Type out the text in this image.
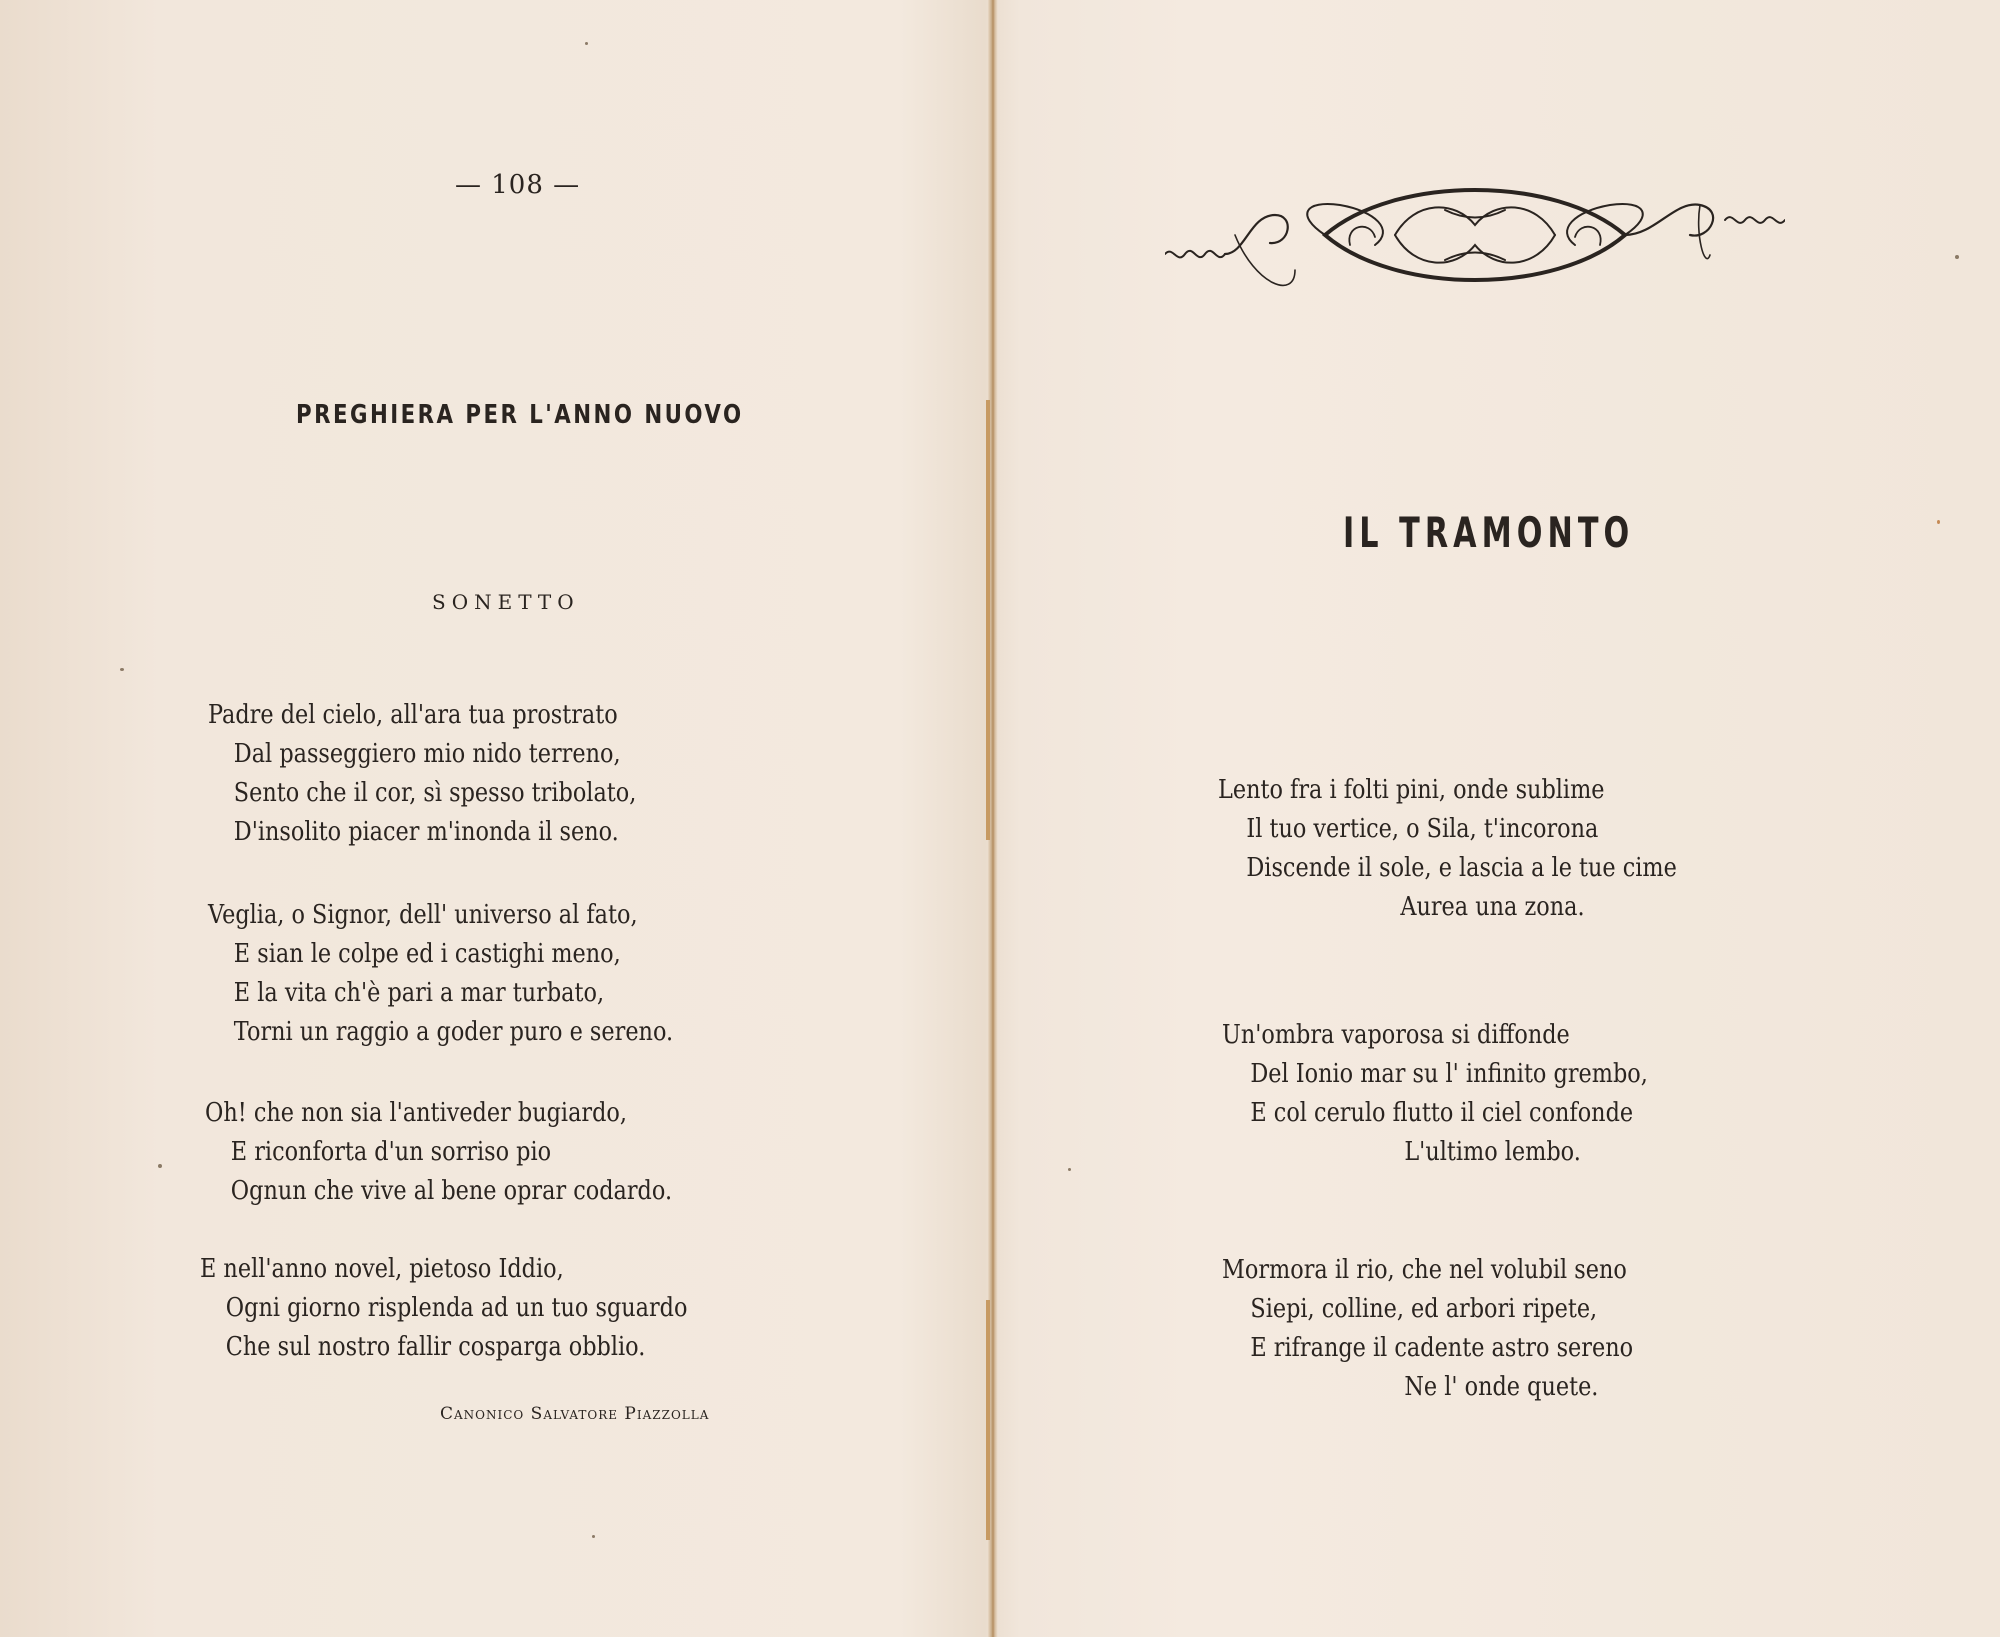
— 108 —
PREGHIERA PER L'ANNO NUOVO
SONETTO
Padre del cielo, all'ara tua prostrato
Dal passeggiero mio nido terreno,
Sento che il cor, sì spesso tribolato,
D'insolito piacer m'inonda il seno.
Veglia, o Signor, dell' universo al fato,
E sian le colpe ed i castighi meno,
E la vita ch'è pari a mar turbato,
Torni un raggio a goder puro e sereno.
Oh! che non sia l'antiveder bugiardo,
E riconforta d'un sorriso pio
Ognun che vive al bene oprar codardo.
E nell'anno novel, pietoso Iddio,
Ogni giorno risplenda ad un tuo sguardo
Che sul nostro fallir cosparga obblio.
Canonico Salvatore Piazzolla
IL TRAMONTO
Lento fra i folti pini, onde sublime
Il tuo vertice, o Sila, t'incorona
Discende il sole, e lascia a le tue cime
Aurea una zona.
Un'ombra vaporosa si diffonde
Del Ionio mar su l' infinito grembo,
E col cerulo flutto il ciel confonde
L'ultimo lembo.
Mormora il rio, che nel volubil seno
Siepi, colline, ed arbori ripete,
E rifrange il cadente astro sereno
Ne l' onde quete.
